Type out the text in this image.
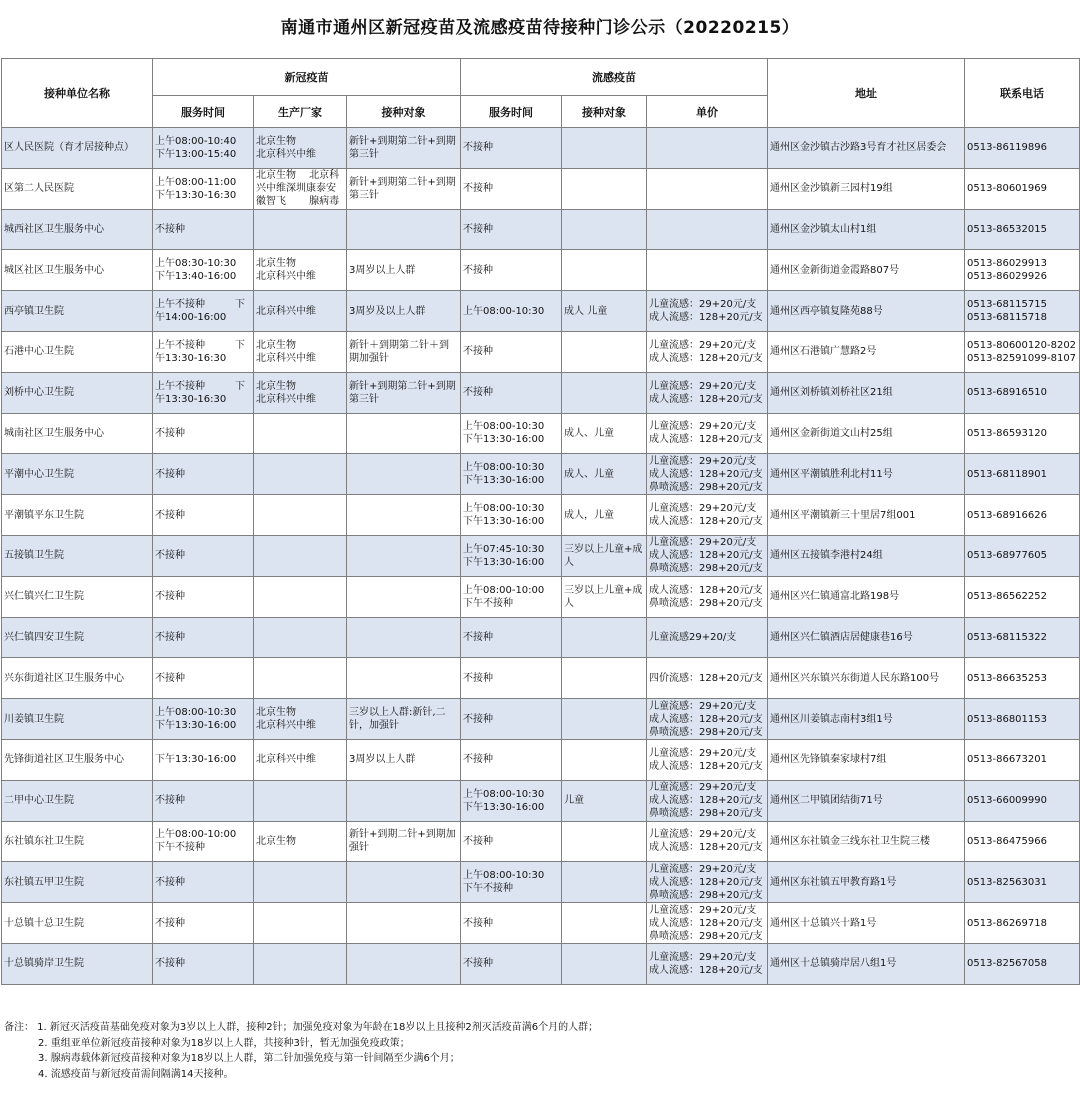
南通市通州区新冠疫苗及流感疫苗待接种门诊公示（20220215）
接种单位名称	新冠疫苗			流感疫苗			地址	联系电话
	服务时间	生产厂家	接种对象	服务时间	接种对象	单价		
区人民医院（育才居接种点）	上午08:00-10:40
下午13:00-15:40	北京生物
北京科兴中维	新针+到期第二针+到期第三针	不接种			通州区金沙镇古沙路3号育才社区居委会	0513-86119896

区第二人民医院	上午08:00-11:00
下午13:30-16:30	北京生物　 北京科兴中维深圳康泰安徽智飞　　 腺病毒	新针+到期第二针+到期第三针	不接种			通州区金沙镇新三园村19组	0513-80601969

城西社区卫生服务中心	不接种			不接种			通州区金沙镇太山村1组	0513-86532015

城区社区卫生服务中心	上午08:30-10:30
下午13:40-16:00	北京生物
北京科兴中维	3周岁以上人群	不接种			通州区金新街道金霞路807号	0513-86029913
0513-86029926

西亭镇卫生院	上午不接种　　　下
午14:00-16:00	北京科兴中维	3周岁及以上人群	上午08:00-10:30	成人 儿童	儿童流感：29+20元/支
成人流感：128+20元/支	通州区西亭镇复隆苑88号	0513-68115715
0513-68115718

石港中心卫生院	上午不接种　　　下
午13:30-16:30	北京生物
北京科兴中维	新针＋到期第二针＋到期加强针	不接种		儿童流感：29+20元/支
成人流感：128+20元/支	通州区石港镇广慧路2号	0513-80600120-8202
0513-82591099-8107

刘桥中心卫生院	上午不接种　　　下
午13:30-16:30	北京生物
北京科兴中维	新针+到期第二针+到期第三针	不接种		儿童流感：29+20元/支
成人流感：128+20元/支	通州区刘桥镇刘桥社区21组	0513-68916510

城南社区卫生服务中心	不接种			上午08:00-10:30
下午13:30-16:00	成人、儿童	儿童流感：29+20元/支
成人流感：128+20元/支	通州区金新街道文山村25组	0513-86593120

平潮中心卫生院	不接种			上午08:00-10:30
下午13:30-16:00	成人、儿童	儿童流感：29+20元/支
成人流感：128+20元/支
鼻喷流感：298+20元/支	通州区平潮镇胜利北村11号	0513-68118901

平潮镇平东卫生院	不接种			上午08:00-10:30
下午13:30-16:00	成人，儿童	儿童流感：29+20元/支
成人流感：128+20元/支	通州区平潮镇新三十里居7组001	0513-68916626

五接镇卫生院	不接种			上午07:45-10:30
下午13:30-16:00	三岁以上儿童+成人	儿童流感：29+20元/支
成人流感：128+20元/支
鼻喷流感：298+20元/支	通州区五接镇李港村24组	0513-68977605

兴仁镇兴仁卫生院	不接种			上午08:00-10:00
下午不接种	三岁以上儿童+成人	成人流感：128+20元/支
鼻喷流感：298+20元/支	通州区兴仁镇通富北路198号	0513-86562252

兴仁镇四安卫生院	不接种			不接种		儿童流感29+20/支	通州区兴仁镇酒店居健康巷16号	0513-68115322

兴东街道社区卫生服务中心	不接种			不接种		四价流感：128+20元/支	通州区兴东镇兴东街道人民东路100号	0513-86635253

川姜镇卫生院	上午08:00-10:30
下午13:30-16:00	北京生物
北京科兴中维	三岁以上人群:新针,二针，加强针	不接种		儿童流感：29+20元/支
成人流感：128+20元/支
鼻喷流感：298+20元/支	通州区川姜镇志南村3组1号	0513-86801153

先锋街道社区卫生服务中心	下午13:30-16:00	北京科兴中维	3周岁以上人群	不接种		儿童流感：29+20元/支
成人流感：128+20元/支	通州区先锋镇秦家埭村7组	0513-86673201

二甲中心卫生院	不接种			上午08:00-10:30
下午13:30-16:00	儿童	儿童流感：29+20元/支
成人流感：128+20元/支
鼻喷流感：298+20元/支	通州区二甲镇团结街71号	0513-66009990

东社镇东社卫生院	上午08:00-10:00
下午不接种	北京生物	新针+到期二针+到期加强针	不接种		儿童流感：29+20元/支
成人流感：128+20元/支	通州区东社镇金三线东社卫生院三楼	0513-86475966

东社镇五甲卫生院	不接种			上午08:00-10:30
下午不接种		儿童流感：29+20元/支
成人流感：128+20元/支
鼻喷流感：298+20元/支	通州区东社镇五甲教育路1号	0513-82563031

十总镇十总卫生院	不接种			不接种		儿童流感：29+20元/支
成人流感：128+20元/支
鼻喷流感：298+20元/支	通州区十总镇兴十路1号	0513-86269718

十总镇骑岸卫生院	不接种			不接种		儿童流感：29+20元/支
成人流感：128+20元/支	通州区十总镇骑岸居八组1号	0513-82567058
备注： 1. 新冠灭活疫苗基础免疫对象为3岁以上人群，接种2针；加强免疫对象为年龄在18岁以上且接种2剂灭活疫苗满6个月的人群；
2. 重组亚单位新冠疫苗接种对象为18岁以上人群，共接种3针，暂无加强免疫政策；
3. 腺病毒载体新冠疫苗接种对象为18岁以上人群，第二针加强免疫与第一针间隔至少满6个月；
4. 流感疫苗与新冠疫苗需间隔满14天接种。
